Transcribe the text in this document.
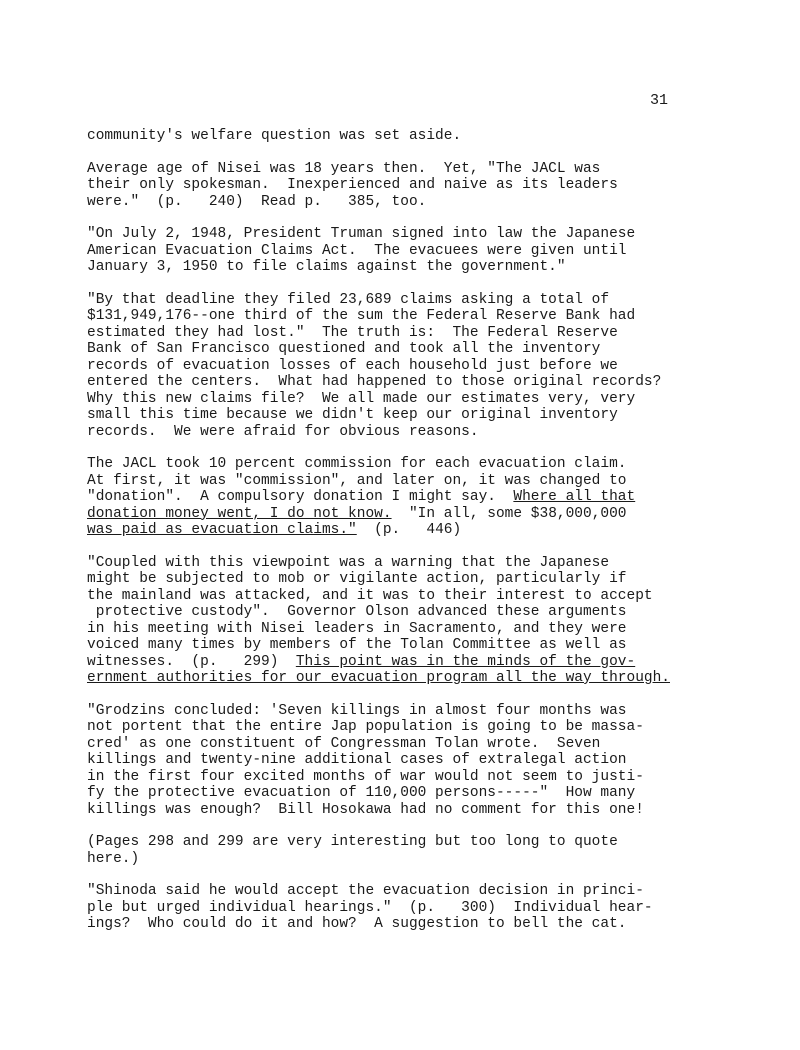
31

community's welfare question was set aside.

Average age of Nisei was 18 years then.  Yet, "The JACL was
their only spokesman.  Inexperienced and naive as its leaders
were."  (p.   240)  Read p.   385, too.

"On July 2, 1948, President Truman signed into law the Japanese
American Evacuation Claims Act.  The evacuees were given until
January 3, 1950 to file claims against the government."

"By that deadline they filed 23,689 claims asking a total of
$131,949,176--one third of the sum the Federal Reserve Bank had
estimated they had lost."  The truth is:  The Federal Reserve
Bank of San Francisco questioned and took all the inventory
records of evacuation losses of each household just before we
entered the centers.  What had happened to those original records?
Why this new claims file?  We all made our estimates very, very
small this time because we didn't keep our original inventory
records.  We were afraid for obvious reasons.

The JACL took 10 percent commission for each evacuation claim.
At first, it was "commission", and later on, it was changed to
"donation".  A compulsory donation I might say.  Where all that
donation money went, I do not know.  "In all, some $38,000,000
was paid as evacuation claims."  (p.   446)

"Coupled with this viewpoint was a warning that the Japanese
might be subjected to mob or vigilante action, particularly if
the mainland was attacked, and it was to their interest to accept
protective custody".  Governor Olson advanced these arguments
in his meeting with Nisei leaders in Sacramento, and they were
voiced many times by members of the Tolan Committee as well as
witnesses.  (p.   299)  This point was in the minds of the gov-
ernment authorities for our evacuation program all the way through.

"Grodzins concluded: 'Seven killings in almost four months was
not portent that the entire Jap population is going to be massa-
cred' as one constituent of Congressman Tolan wrote.  Seven
killings and twenty-nine additional cases of extralegal action
in the first four excited months of war would not seem to justi-
fy the protective evacuation of 110,000 persons-----"  How many
killings was enough?  Bill Hosokawa had no comment for this one!

(Pages 298 and 299 are very interesting but too long to quote
here.)

"Shinoda said he would accept the evacuation decision in princi-
ple but urged individual hearings."  (p.   300)  Individual hear-
ings?  Who could do it and how?  A suggestion to bell the cat.
